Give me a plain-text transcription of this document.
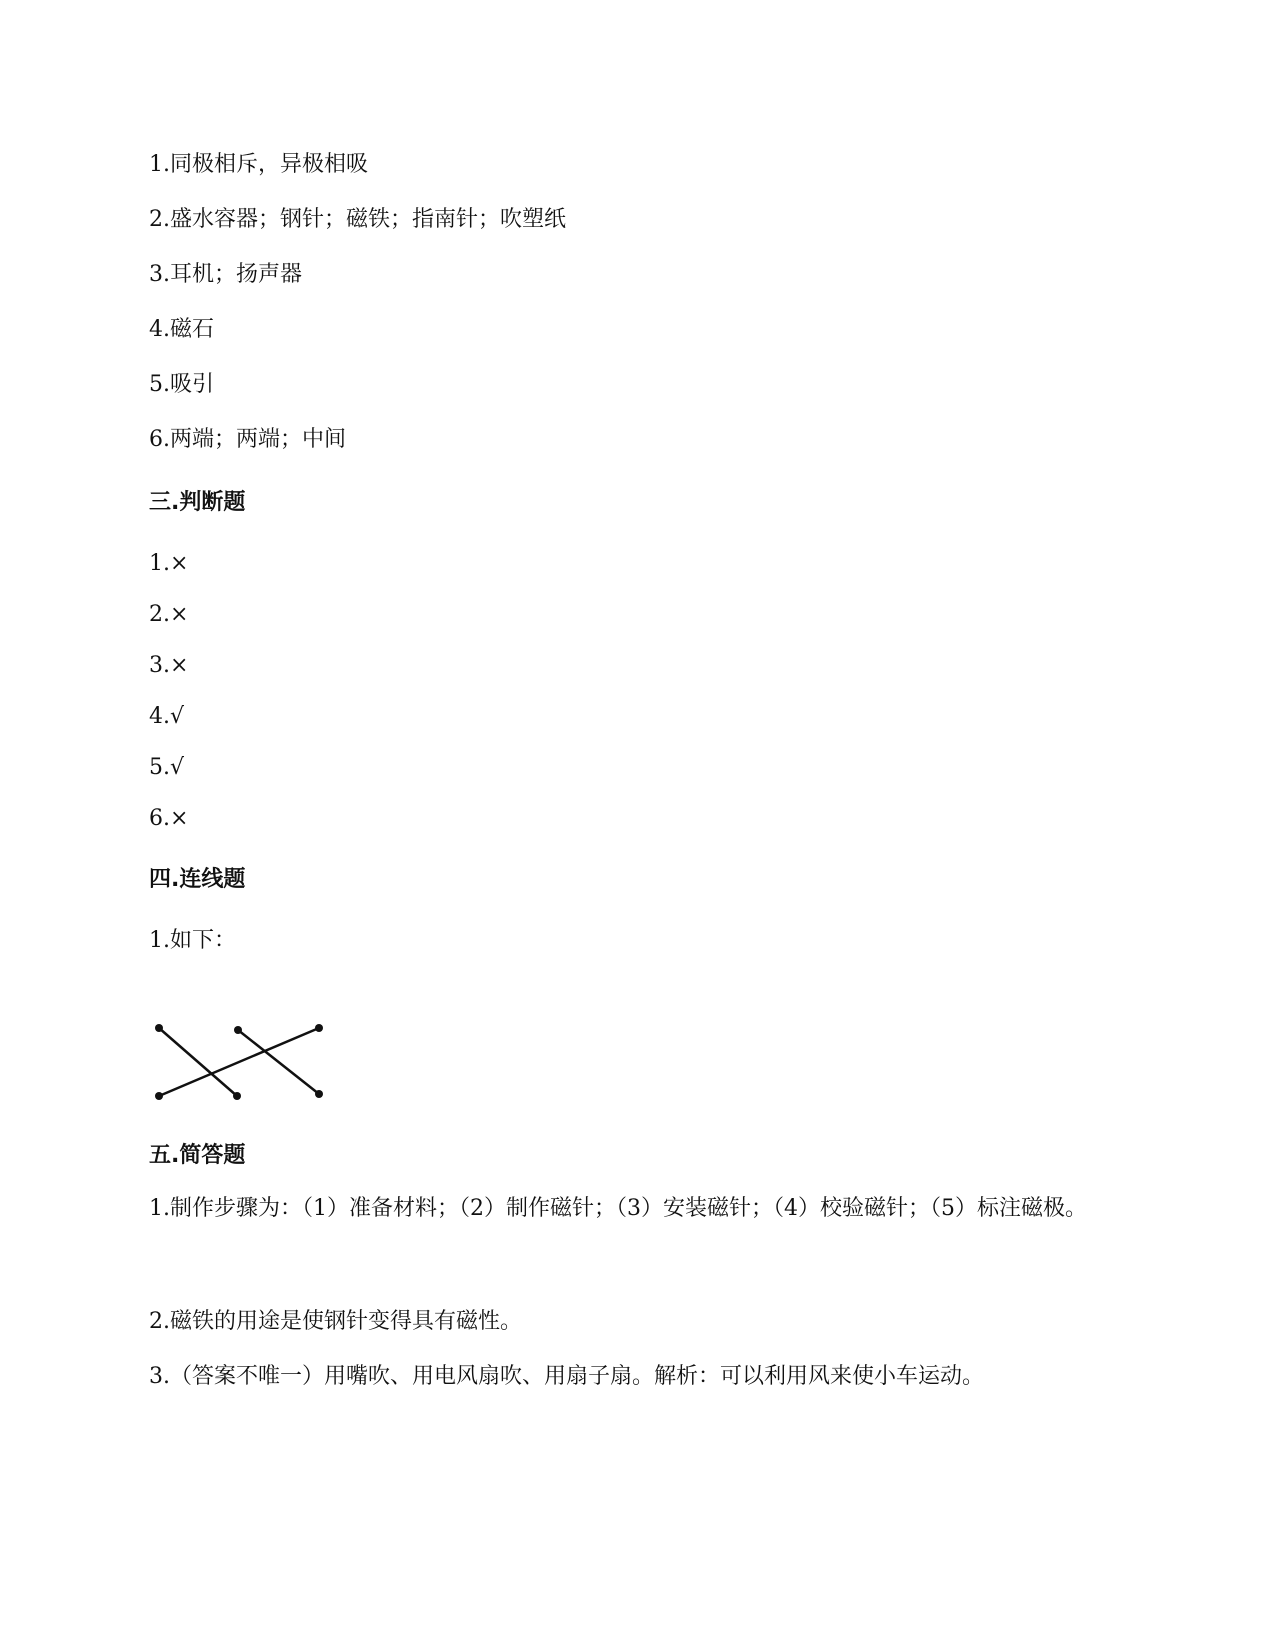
1.同极相斥，异极相吸
2.盛水容器；钢针；磁铁；指南针；吹塑纸
3.耳机；扬声器
4.磁石
5.吸引
6.两端；两端；中间
三.判断题
1.×
2.×
3.×
4.√
5.√
6.×
四.连线题
1.如下：
五.简答题
1.制作步骤为：（1）准备材料；（2）制作磁针；（3）安装磁针；（4）校验磁针；（5）标注磁极。
2.磁铁的用途是使钢针变得具有磁性。
3.（答案不唯一）用嘴吹、用电风扇吹、用扇子扇。解析：可以利用风来使小车运动。
